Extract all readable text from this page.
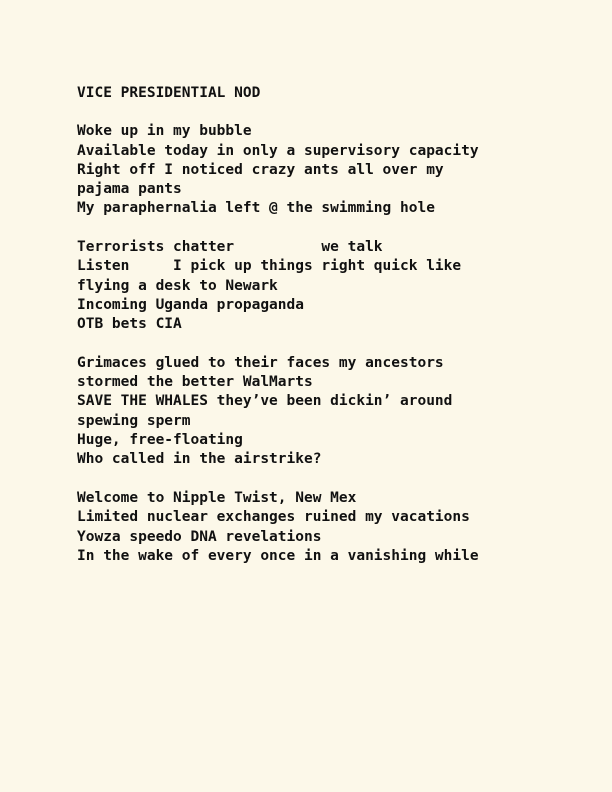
VICE PRESIDENTIAL NOD
Woke up in my bubble
Available today in only a supervisory capacity
Right off I noticed crazy ants all over my
pajama pants
My paraphernalia left @ the swimming hole
Terrorists chatter          we talk
Listen     I pick up things right quick like
flying a desk to Newark
Incoming Uganda propaganda
OTB bets CIA
Grimaces glued to their faces my ancestors
stormed the better WalMarts
SAVE THE WHALES they’ve been dickin’ around
spewing sperm
Huge, free-floating
Who called in the airstrike?
Welcome to Nipple Twist, New Mex
Limited nuclear exchanges ruined my vacations
Yowza speedo DNA revelations
In the wake of every once in a vanishing while
